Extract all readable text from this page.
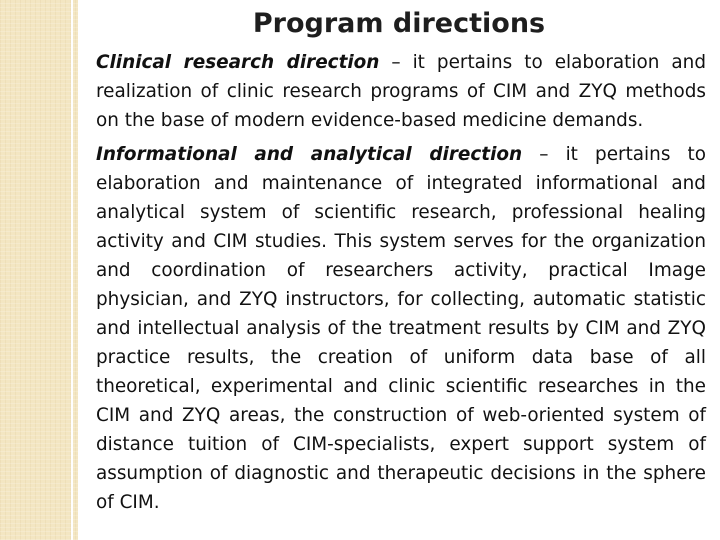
Program directions

Clinical research direction – it pertains to elaboration and realization of clinic research programs of CIM and ZYQ methods on the base of modern evidence-based medicine demands.

Informational and analytical direction – it pertains to elaboration and maintenance of integrated informational and analytical system of scientific research, professional healing activity and CIM studies. This system serves for the organization and coordination of researchers activity, practical Image physician, and ZYQ instructors, for collecting, automatic statistic and intellectual analysis of the treatment results by CIM and ZYQ practice results, the creation of uniform data base of all theoretical, experimental and clinic scientific researches in the CIM and ZYQ areas, the construction of web-oriented system of distance tuition of CIM-specialists, expert support system of assumption of diagnostic and therapeutic decisions in the sphere of CIM.
